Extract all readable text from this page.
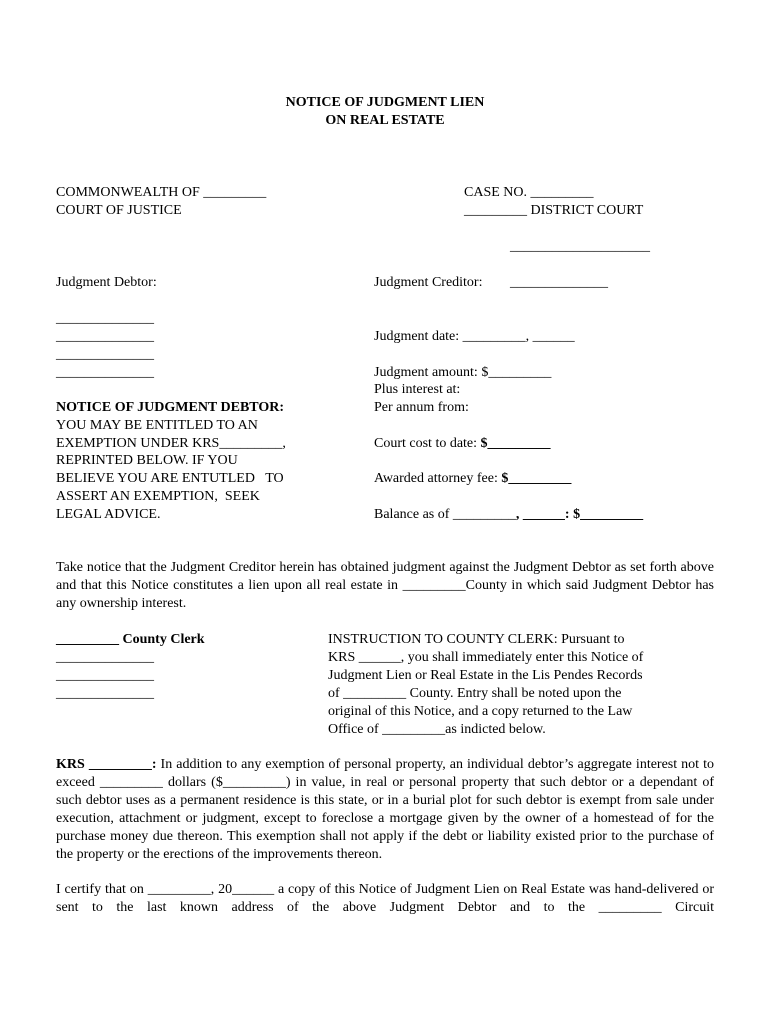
NOTICE OF JUDGMENT LIEN
ON REAL ESTATE
COMMONWEALTH OF _________
COURT OF JUSTICE
CASE NO. _________
_________ DISTRICT COURT
____________________
Judgment Debtor:	Judgment Creditor: ______________
______________
______________
______________
______________
Judgment date: _________, ______
Judgment amount: $_________
Plus interest at:
Per annum from:
NOTICE OF JUDGMENT DEBTOR:
YOU MAY BE ENTITLED TO AN
EXEMPTION UNDER KRS_________,
REPRINTED BELOW. IF YOU
BELIEVE YOU ARE ENTUTLED   TO
ASSERT AN EXEMPTION,  SEEK
LEGAL ADVICE.
Court cost to date: $_________
Awarded attorney fee: $_________
Balance as of _________, ______: $_________
Take notice that the Judgment Creditor herein has obtained judgment against the Judgment Debtor as set forth above and that this Notice constitutes a lien upon all real estate in _________County in which said Judgment Debtor has any ownership interest.
_________ County Clerk
______________
______________
______________
INSTRUCTION TO COUNTY CLERK: Pursuant to
KRS ______, you shall immediately enter this Notice of
Judgment Lien or Real Estate in the Lis Pendes Records
of _________ County. Entry shall be noted upon the
original of this Notice, and a copy returned to the Law
Office of _________as indicted below.
KRS _________: In addition to any exemption of personal property, an individual debtor’s aggregate interest not to exceed _________ dollars ($_________) in value, in real or personal property that such debtor or a dependant of such debtor uses as a permanent residence is this state, or in a burial plot for such debtor is exempt from sale under execution, attachment or judgment, except to foreclose a mortgage given by the owner of a homestead of for the purchase money due thereon. This exemption shall not apply if the debt or liability existed prior to the purchase of the property or the erections of the improvements thereon.
I certify that on _________, 20______ a copy of this Notice of Judgment Lien on Real Estate was hand-delivered or sent to the last known address of the above Judgment Debtor and to the _________ Circuit
